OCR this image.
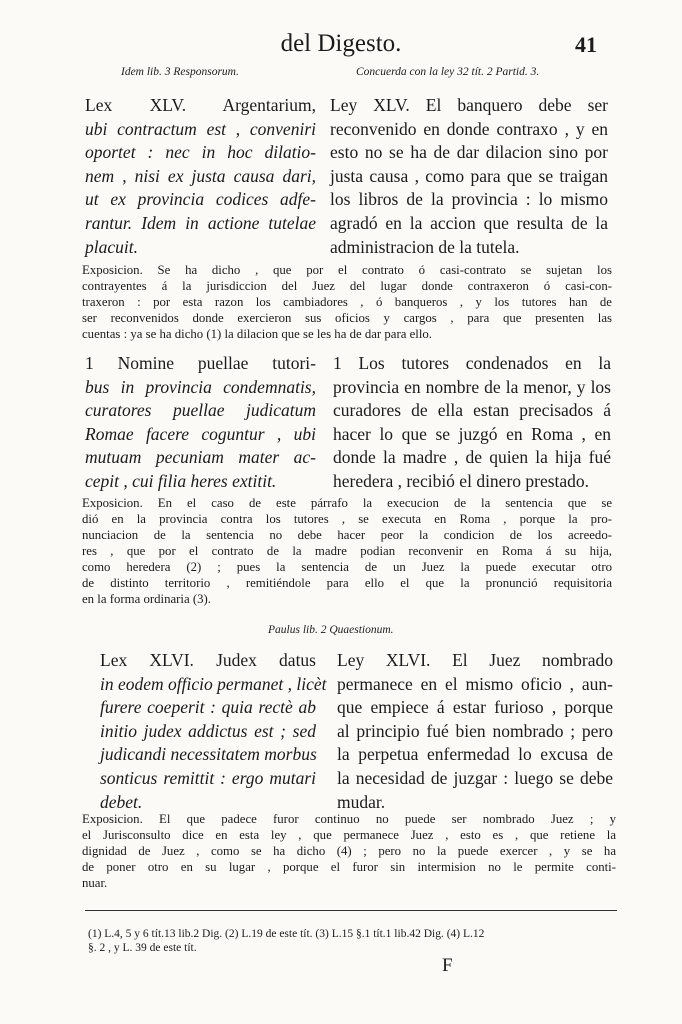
del Digesto.	41
Idem lib. 3 Responsorum.	Concuerda con la ley 32 tít. 2 Partid. 3.
Lex XLV. Argentarium,
ubi contractum est , conveniri
oportet : nec in hoc dilatio-
nem , nisi ex justa causa dari,
ut ex provincia codices adfe-
rantur. Idem in actione tutelae
placuit.
Ley XLV. El banquero debe ser
reconvenido en donde contraxo , y en
esto no se ha de dar dilacion sino por
justa causa , como para que se traigan
los libros de la provincia : lo mismo
agradó en la accion que resulta de la
administracion de la tutela.
Exposicion. Se ha dicho , que por el contrato ó casi-contrato se sujetan los
contrayentes á la jurisdiccion del Juez del lugar donde contraxeron ó casi-con-
traxeron : por esta razon los cambiadores , ó banqueros , y los tutores han de
ser reconvenidos donde exercieron sus oficios y cargos , para que presenten las
cuentas : ya se ha dicho (1) la dilacion que se les ha de dar para ello.
1 Nomine puellae tutori-
bus in provincia condemnatis,
curatores puellae judicatum
Romae facere coguntur , ubi
mutuam pecuniam mater ac-
cepit , cui filia heres extitit.
1 Los tutores condenados en la
provincia en nombre de la menor, y los
curadores de ella estan precisados á
hacer lo que se juzgó en Roma , en
donde la madre , de quien la hija fué
heredera , recibió el dinero prestado.
Exposicion. En el caso de este párrafo la execucion de la sentencia que se
dió en la provincia contra los tutores , se executa en Roma , porque la pro-
nunciacion de la sentencia no debe hacer peor la condicion de los acreedo-
res , que por el contrato de la madre podian reconvenir en Roma á su hija,
como heredera (2) ; pues la sentencia de un Juez la puede executar otro
de distinto territorio , remitiéndole para ello el que la pronunció requisitoria
en la forma ordinaria (3).
Paulus lib. 2 Quaestionum.
Lex XLVI. Judex datus
in eodem officio permanet , licèt
furere coeperit : quia rectè ab
initio judex addictus est ; sed
judicandi necessitatem morbus
sonticus remittit : ergo mutari
debet.
Ley XLVI. El Juez nombrado
permanece en el mismo oficio , aun-
que empiece á estar furioso , porque
al principio fué bien nombrado ; pero
la perpetua enfermedad lo excusa de
la necesidad de juzgar : luego se debe
mudar.
Exposicion. El que padece furor continuo no puede ser nombrado Juez ; y
el Jurisconsulto dice en esta ley , que permanece Juez , esto es , que retiene la
dignidad de Juez , como se ha dicho (4) ; pero no la puede exercer , y se ha
de poner otro en su lugar , porque el furor sin intermision no le permite conti-
nuar.
(1) L.4, 5 y 6 tít.13 lib.2 Dig. (2) L.19 de este tít. (3) L.15 §.1 tít.1 lib.42 Dig. (4) L.12
§. 2 , y L. 39 de este tít.
F
